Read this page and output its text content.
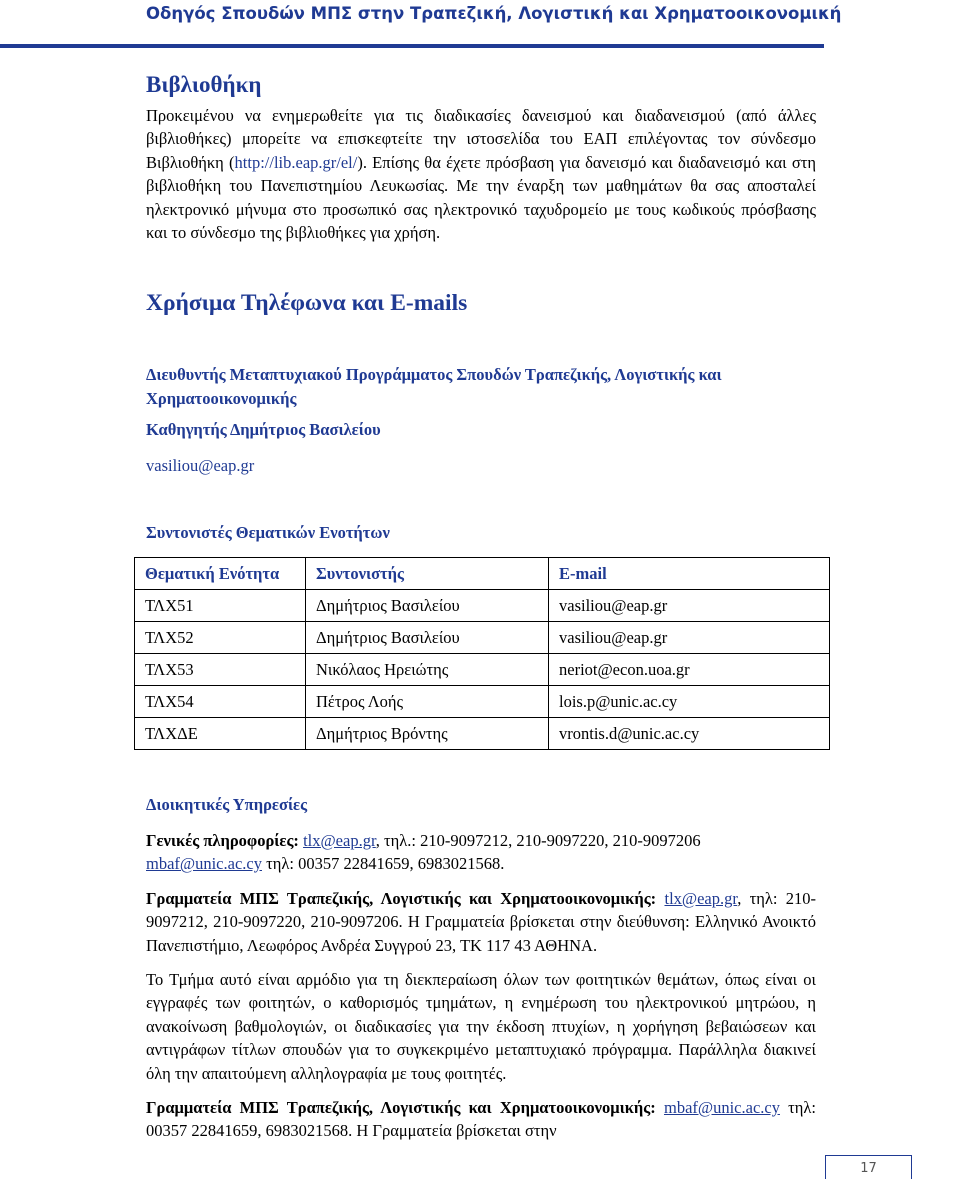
Οδηγός Σπουδών ΜΠΣ στην Τραπεζική, Λογιστική και Χρηματοοικονομική
Βιβλιοθήκη

Προκειμένου να ενημερωθείτε για τις διαδικασίες δανεισμού και διαδανεισμού (από άλλες βιβλιοθήκες) μπορείτε να επισκεφτείτε την ιστοσελίδα του ΕΑΠ επιλέγοντας τον σύνδεσμο Βιβλιοθήκη (http://lib.eap.gr/el/). Επίσης θα έχετε πρόσβαση για δανεισμό και διαδανεισμό και στη βιβλιοθήκη του Πανεπιστημίου Λευκωσίας. Με την έναρξη των μαθημάτων θα σας αποσταλεί ηλεκτρονικό μήνυμα στο προσωπικό σας ηλεκτρονικό ταχυδρομείο με τους κωδικούς πρόσβασης και το σύνδεσμο της βιβλιοθήκες για χρήση.

Χρήσιμα Τηλέφωνα και E-mails
Διευθυντής Μεταπτυχιακού Προγράμματος Σπουδών Τραπεζικής, Λογιστικής και Χρηματοοικονομικής
Καθηγητής Δημήτριος Βασιλείου
vasiliou@eap.gr
Συντονιστές Θεματικών Ενοτήτων
Θεματική Ενότητα	Συντονιστής	E-mail
ΤΛΧ51	Δημήτριος Βασιλείου	vasiliou@eap.gr
ΤΛΧ52	Δημήτριος Βασιλείου	vasiliou@eap.gr
ΤΛΧ53	Νικόλαος Ηρειώτης	neriot@econ.uoa.gr
ΤΛΧ54	Πέτρος Λοής	lois.p@unic.ac.cy
ΤΛΧΔΕ	Δημήτριος Βρόντης	vrontis.d@unic.ac.cy
Διοικητικές Υπηρεσίες

Γενικές πληροφορίες: tlx@eap.gr, τηλ.: 210-9097212, 210-9097220, 210-9097206
mbaf@unic.ac.cy τηλ: 00357 22841659, 6983021568.

Γραμματεία ΜΠΣ Τραπεζικής, Λογιστικής και Χρηματοοικονομικής: tlx@eap.gr, τηλ: 210-9097212, 210-9097220, 210-9097206. Η Γραμματεία βρίσκεται στην διεύθυνση: Ελληνικό Ανοικτό Πανεπιστήμιο, Λεωφόρος Ανδρέα Συγγρού 23, ΤΚ 117 43 ΑΘΗΝΑ.

Το Τμήμα αυτό είναι αρμόδιο για τη διεκπεραίωση όλων των φοιτητικών θεμάτων, όπως είναι οι εγγραφές των φοιτητών, ο καθορισμός τμημάτων, η ενημέρωση του ηλεκτρονικού μητρώου, η ανακοίνωση βαθμολογιών, οι διαδικασίες για την έκδοση πτυχίων, η χορήγηση βεβαιώσεων και αντιγράφων τίτλων σπουδών για το συγκεκριμένο μεταπτυχιακό πρόγραμμα. Παράλληλα διακινεί όλη την απαιτούμενη αλληλογραφία με τους φοιτητές.

Γραμματεία ΜΠΣ Τραπεζικής, Λογιστικής και Χρηματοοικονομικής: mbaf@unic.ac.cy τηλ: 00357 22841659, 6983021568. Η Γραμματεία βρίσκεται στην

17
